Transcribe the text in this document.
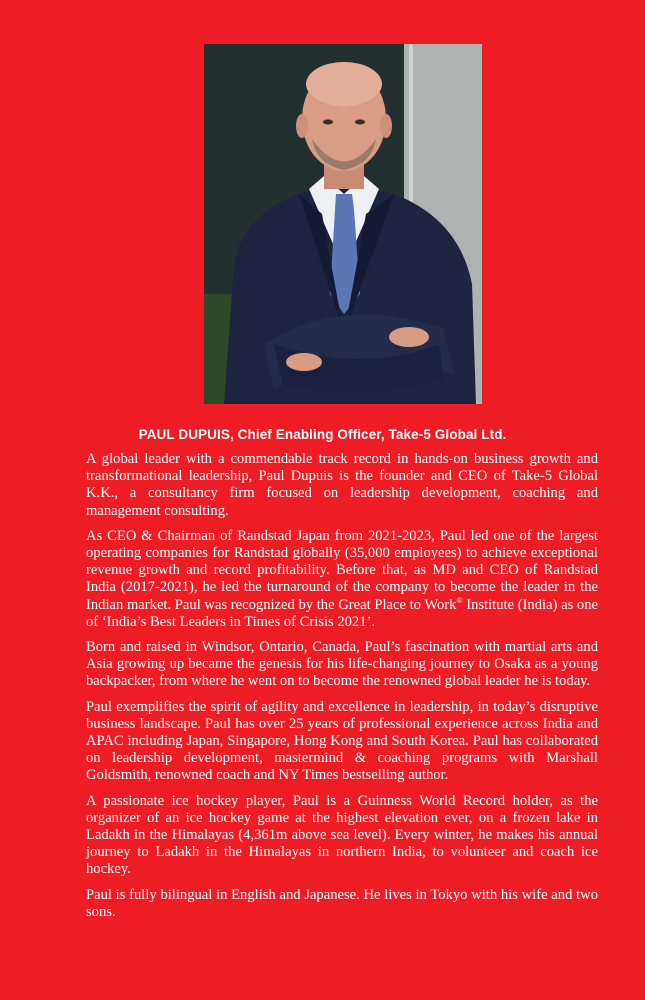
PAUL DUPUIS, Chief Enabling Officer, Take-5 Global Ltd.

A global leader with a commendable track record in hands-on business growth and transformational leadership, Paul Dupuis is the founder and CEO of Take-5 Global K.K., a consultancy firm focused on leadership development, coaching and management consulting.

As CEO & Chairman of Randstad Japan from 2021-2023, Paul led one of the largest operating companies for Randstad globally (35,000 employees) to achieve exceptional revenue growth and record profitability. Before that, as MD and CEO of Randstad India (2017-2021), he led the turnaround of the company to become the leader in the Indian market. Paul was recognized by the Great Place to Work® Institute (India) as one of ‘India’s Best Leaders in Times of Crisis 2021’.

Born and raised in Windsor, Ontario, Canada, Paul’s fascination with martial arts and Asia growing up became the genesis for his life-changing journey to Osaka as a young backpacker, from where he went on to become the renowned global leader he is today.

Paul exemplifies the spirit of agility and excellence in leadership, in today’s disruptive business landscape. Paul has over 25 years of professional experience across India and APAC including Japan, Singapore, Hong Kong and South Korea. Paul has collaborated on leadership development, mastermind & coaching programs with Marshall Goldsmith, renowned coach and NY Times bestselling author.

A passionate ice hockey player, Paul is a Guinness World Record holder, as the organizer of an ice hockey game at the highest elevation ever, on a frozen lake in Ladakh in the Himalayas (4,361m above sea level). Every winter, he makes his annual journey to Ladakh in the Himalayas in northern India, to volunteer and coach ice hockey.

Paul is fully bilingual in English and Japanese. He lives in Tokyo with his wife and two sons.
